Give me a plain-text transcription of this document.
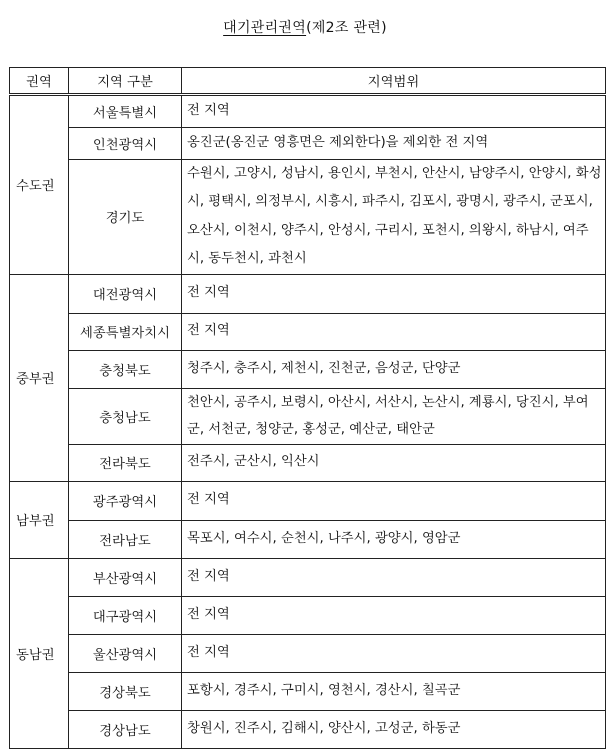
대기관리권역(제2조 관련)
권역	지역 구분	지역범위
수도권	서울특별시	전 지역
	인천광역시	옹진군(옹진군 영흥면은 제외한다)을 제외한 전 지역
	경기도	수원시, 고양시, 성남시, 용인시, 부천시, 안산시, 남양주시, 안양시, 화성시, 평택시, 의정부시, 시흥시, 파주시, 김포시, 광명시, 광주시, 군포시, 오산시, 이천시, 양주시, 안성시, 구리시, 포천시, 의왕시, 하남시, 여주시, 동두천시, 과천시
중부권	대전광역시	전 지역
	세종특별자치시	전 지역
	충청북도	청주시, 충주시, 제천시, 진천군, 음성군, 단양군
	충청남도	천안시, 공주시, 보령시, 아산시, 서산시, 논산시, 계룡시, 당진시, 부여군, 서천군, 청양군, 홍성군, 예산군, 태안군
	전라북도	전주시, 군산시, 익산시
남부권	광주광역시	전 지역
	전라남도	목포시, 여수시, 순천시, 나주시, 광양시, 영암군
동남권	부산광역시	전 지역
	대구광역시	전 지역
	울산광역시	전 지역
	경상북도	포항시, 경주시, 구미시, 영천시, 경산시, 칠곡군
	경상남도	창원시, 진주시, 김해시, 양산시, 고성군, 하동군
